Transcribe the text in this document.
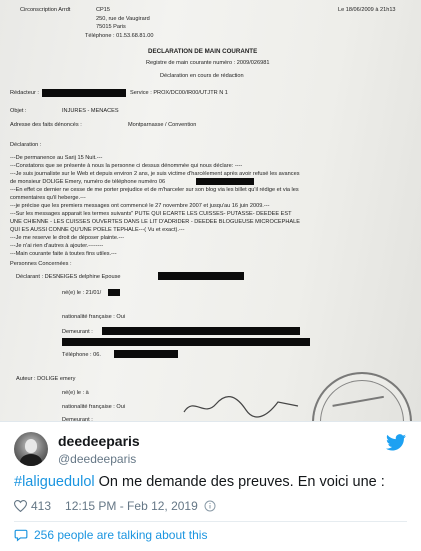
Circonscription Arrdt	CP15
250, rue de Vaugirard
75015 Paris
Téléphone : 01.53.68.81.00
Le 18/06/2009 à 21h13
DECLARATION DE MAIN COURANTE
Registre de main courante numéro : 2009/026981
Déclaration en cours de rédaction
Rédacteur :	Service : PROX/DC00/IR00/UTJTR N 1
Objet :	INJURES - MENACES
Adresse des faits dénoncés :	Montparnasse / Convention
Déclaration :
---De permanence au Sarij 15 Nuit.---
---Constatons que se présente à nous la personne ci dessus dénommée qui nous déclare: ----
---Je suis journaliste sur le Web et depuis environ 2 ans, je suis victime d'harcèlement après avoir refusé les avances
de monsieur DOLIGE Emery, numéro de téléphone numéro 06
---En effet ce dernier ne cesse de me porter prejudice et de m'harceler sur son blog via les billet qu'il rédige et via les
commentaires qu'il heberge.---
---je précise que les premiers messages ont commencé le 27 novembre 2007 et jusqu'au 16 juin 2009.---
---Sur les messages apparait les termes suivants" PUTE QUI ECARTE LES CUISSES- PUTASSE- DEEDEE EST
UNE CHIENNE - LES CUISSES OUVERTES DANS LE LIT D'ADRIDER - DEEDEE BLOGUEUSE MICROCEPHALE
QUI ES AUSSI CONNE QU'UNE POELE TEPHALE---( Vu et exact).---
---Je me reserve le droit de déposer plainte.---
---Je n'ai rien d'autres à ajouter.--------
---Main courante faite à toutes fins utiles.---
Personnes Concernées :
Déclarant : DESNEIGES delphine Epouse
né(e) le : 21/01/
nationalité française : Oui
Demeurant :
Téléphone : 06.
Auteur : DOLIGE emery
né(e) le : à
nationalité française : Oui
Demeurant :
deedeeparis
@deedeeparis
#laliguedulol On me demande des preuves. En voici une :
413 12:15 PM - Feb 12, 2019
256 people are talking about this
